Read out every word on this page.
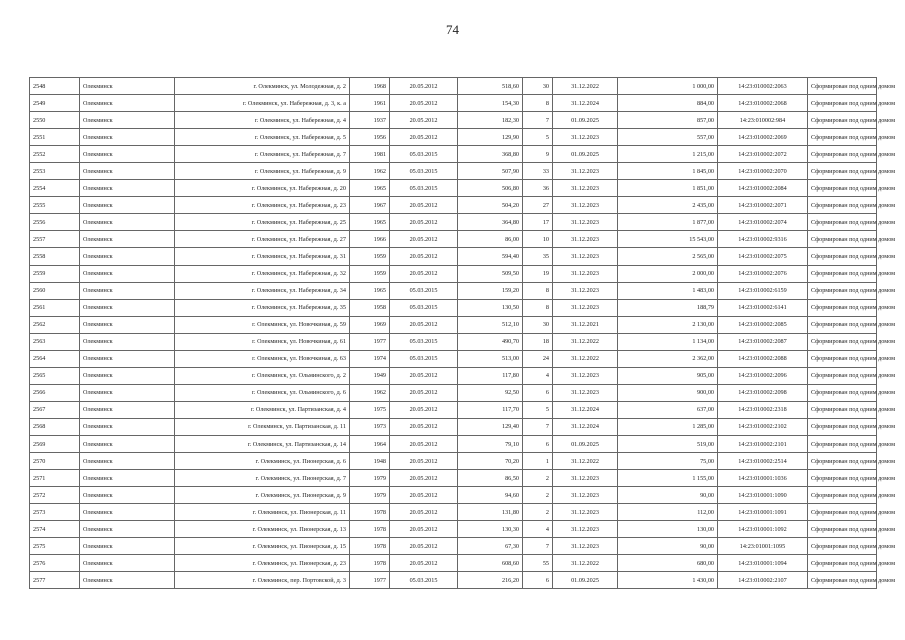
74
2548	Олекминск	г. Олекминск, ул. Молодежная, д. 2	1968	20.05.2012	518,60	30	31.12.2022	1 000,00	14:23:010002:2063	Сформирован под одним домом
2549	Олекминск	г. Олекминск, ул. Набережная, д. 3, к. а	1961	20.05.2012	154,30	8	31.12.2024	884,00	14:23:010002:2068	Сформирован под одним домом
2550	Олекминск	г. Олекминск, ул. Набережная, д. 4	1937	20.05.2012	182,30	7	01.09.2025	857,00	14:23:010002:984	Сформирован под одним домом
2551	Олекминск	г. Олекминск, ул. Набережная, д. 5	1956	20.05.2012	129,90	5	31.12.2023	557,00	14:23:010002:2069	Сформирован под одним домом
2552	Олекминск	г. Олекминск, ул. Набережная, д. 7	1981	05.03.2015	368,80	9	01.09.2025	1 215,00	14:23:010002:2072	Сформирован под одним домом
2553	Олекминск	г. Олекминск, ул. Набережная, д. 9	1962	05.03.2015	507,90	33	31.12.2023	1 845,00	14:23:010002:2070	Сформирован под одним домом
2554	Олекминск	г. Олекминск, ул. Набережная, д. 20	1965	05.03.2015	506,80	36	31.12.2023	1 851,00	14:23:010002:2084	Сформирован под одним домом
2555	Олекминск	г. Олекминск, ул. Набережная, д. 23	1967	20.05.2012	504,20	27	31.12.2023	2 435,00	14:23:010002:2071	Сформирован под одним домом
2556	Олекминск	г. Олекминск, ул. Набережная, д. 25	1965	20.05.2012	364,80	17	31.12.2023	1 877,00	14:23:010002:2074	Сформирован под одним домом
2557	Олекминск	г. Олекминск, ул. Набережная, д. 27	1966	20.05.2012	86,00	10	31.12.2023	15 543,00	14:23:010002:9316	Сформирован под одним домом
2558	Олекминск	г. Олекминск, ул. Набережная, д. 31	1959	20.05.2012	594,40	35	31.12.2023	2 565,00	14:23:010002:2075	Сформирован под одним домом
2559	Олекминск	г. Олекминск, ул. Набережная, д. 32	1959	20.05.2012	509,50	19	31.12.2023	2 000,00	14:23:010002:2076	Сформирован под одним домом
2560	Олекминск	г. Олекминск, ул. Набережная, д. 34	1965	05.03.2015	159,20	8	31.12.2023	1 483,00	14:23:010002:6159	Сформирован под одним домом
2561	Олекминск	г. Олекминск, ул. Набережная, д. 35	1958	05.03.2015	130,50	8	31.12.2023	188,79	14:23:010002:6141	Сформирован под одним домом
2562	Олекминск	г. Олекминск, ул. Новочкиная, д. 59	1969	20.05.2012	512,10	30	31.12.2021	2 130,00	14:23:010002:2085	Сформирован под одним домом
2563	Олекминск	г. Олекминск, ул. Новочкиная, д. 61	1977	05.03.2015	490,70	18	31.12.2022	1 134,00	14:23:010002:2087	Сформирован под одним домом
2564	Олекминск	г. Олекминск, ул. Новочкиная, д. 63	1974	05.03.2015	513,00	24	31.12.2022	2 362,00	14:23:010002:2088	Сформирован под одним домом
2565	Олекминск	г. Олекминск, ул. Ольминского, д. 2	1949	20.05.2012	117,80	4	31.12.2023	905,00	14:23:010002:2096	Сформирован под одним домом
2566	Олекминск	г. Олекминск, ул. Ольминского, д. 6	1962	20.05.2012	92,50	6	31.12.2023	900,00	14:23:010002:2098	Сформирован под одним домом
2567	Олекминск	г. Олекминск, ул. Партизанская, д. 4	1975	20.05.2012	117,70	5	31.12.2024	637,00	14:23:010002:2318	Сформирован под одним домом
2568	Олекминск	г. Олекминск, ул. Партизанская, д. 11	1973	20.05.2012	129,40	7	31.12.2024	1 285,00	14:23:010002:2102	Сформирован под одним домом
2569	Олекминск	г. Олекминск, ул. Партизанская, д. 14	1964	20.05.2012	79,10	6	01.09.2025	519,00	14:23:010002:2101	Сформирован под одним домом
2570	Олекминск	г. Олекминск, ул. Пионерская, д. 6	1948	20.05.2012	70,20	1	31.12.2022	75,00	14:23:010002:2514	Сформирован под одним домом
2571	Олекминск	г. Олекминск, ул. Пионерская, д. 7	1979	20.05.2012	86,50	2	31.12.2023	1 155,00	14:23:010001:1036	Сформирован под одним домом
2572	Олекминск	г. Олекминск, ул. Пионерская, д. 9	1979	20.05.2012	94,60	2	31.12.2023	90,00	14:23:010001:1090	Сформирован под одним домом
2573	Олекминск	г. Олекминск, ул. Пионерская, д. 11	1978	20.05.2012	131,80	2	31.12.2023	112,00	14:23:010001:1091	Сформирован под одним домом
2574	Олекминск	г. Олекминск, ул. Пионерская, д. 13	1978	20.05.2012	130,30	4	31.12.2023	130,00	14:23:010001:1092	Сформирован под одним домом
2575	Олекминск	г. Олекминск, ул. Пионерская, д. 15	1978	20.05.2012	67,30	7	31.12.2023	90,00	14:23:01001:1095	Сформирован под одним домом
2576	Олекминск	г. Олекминск, ул. Пионерская, д. 23	1978	20.05.2012	608,60	55	31.12.2022	680,00	14:23:010001:1094	Сформирован под одним домом
2577	Олекминск	г. Олекминск, пер. Портовской, д. 3	1977	05.03.2015	216,20	6	01.09.2025	1 430,00	14:23:010002:2107	Сформирован под одним домом
